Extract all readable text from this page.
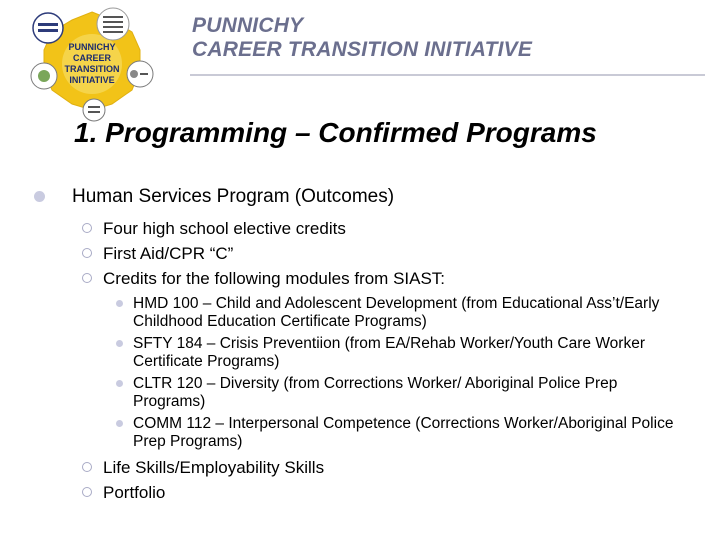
PUNNICHY
CAREER
TRANSITION
INITIATIVE
PUNNICHY
CAREER TRANSITION INITIATIVE
1. Programming – Confirmed Programs
Human Services Program (Outcomes)
Four high school elective credits
First Aid/CPR “C”
Credits for the following modules from SIAST:
HMD 100 – Child and Adolescent Development (from Educational Ass’t/Early Childhood Education Certificate Programs)
SFTY 184 – Crisis Preventiion (from EA/Rehab Worker/Youth Care Worker Certificate Programs)
CLTR 120 – Diversity (from Corrections Worker/ Aboriginal Police Prep Programs)
COMM 112 – Interpersonal Competence (Corrections Worker/Aboriginal Police Prep Programs)
Life Skills/Employability Skills
Portfolio
